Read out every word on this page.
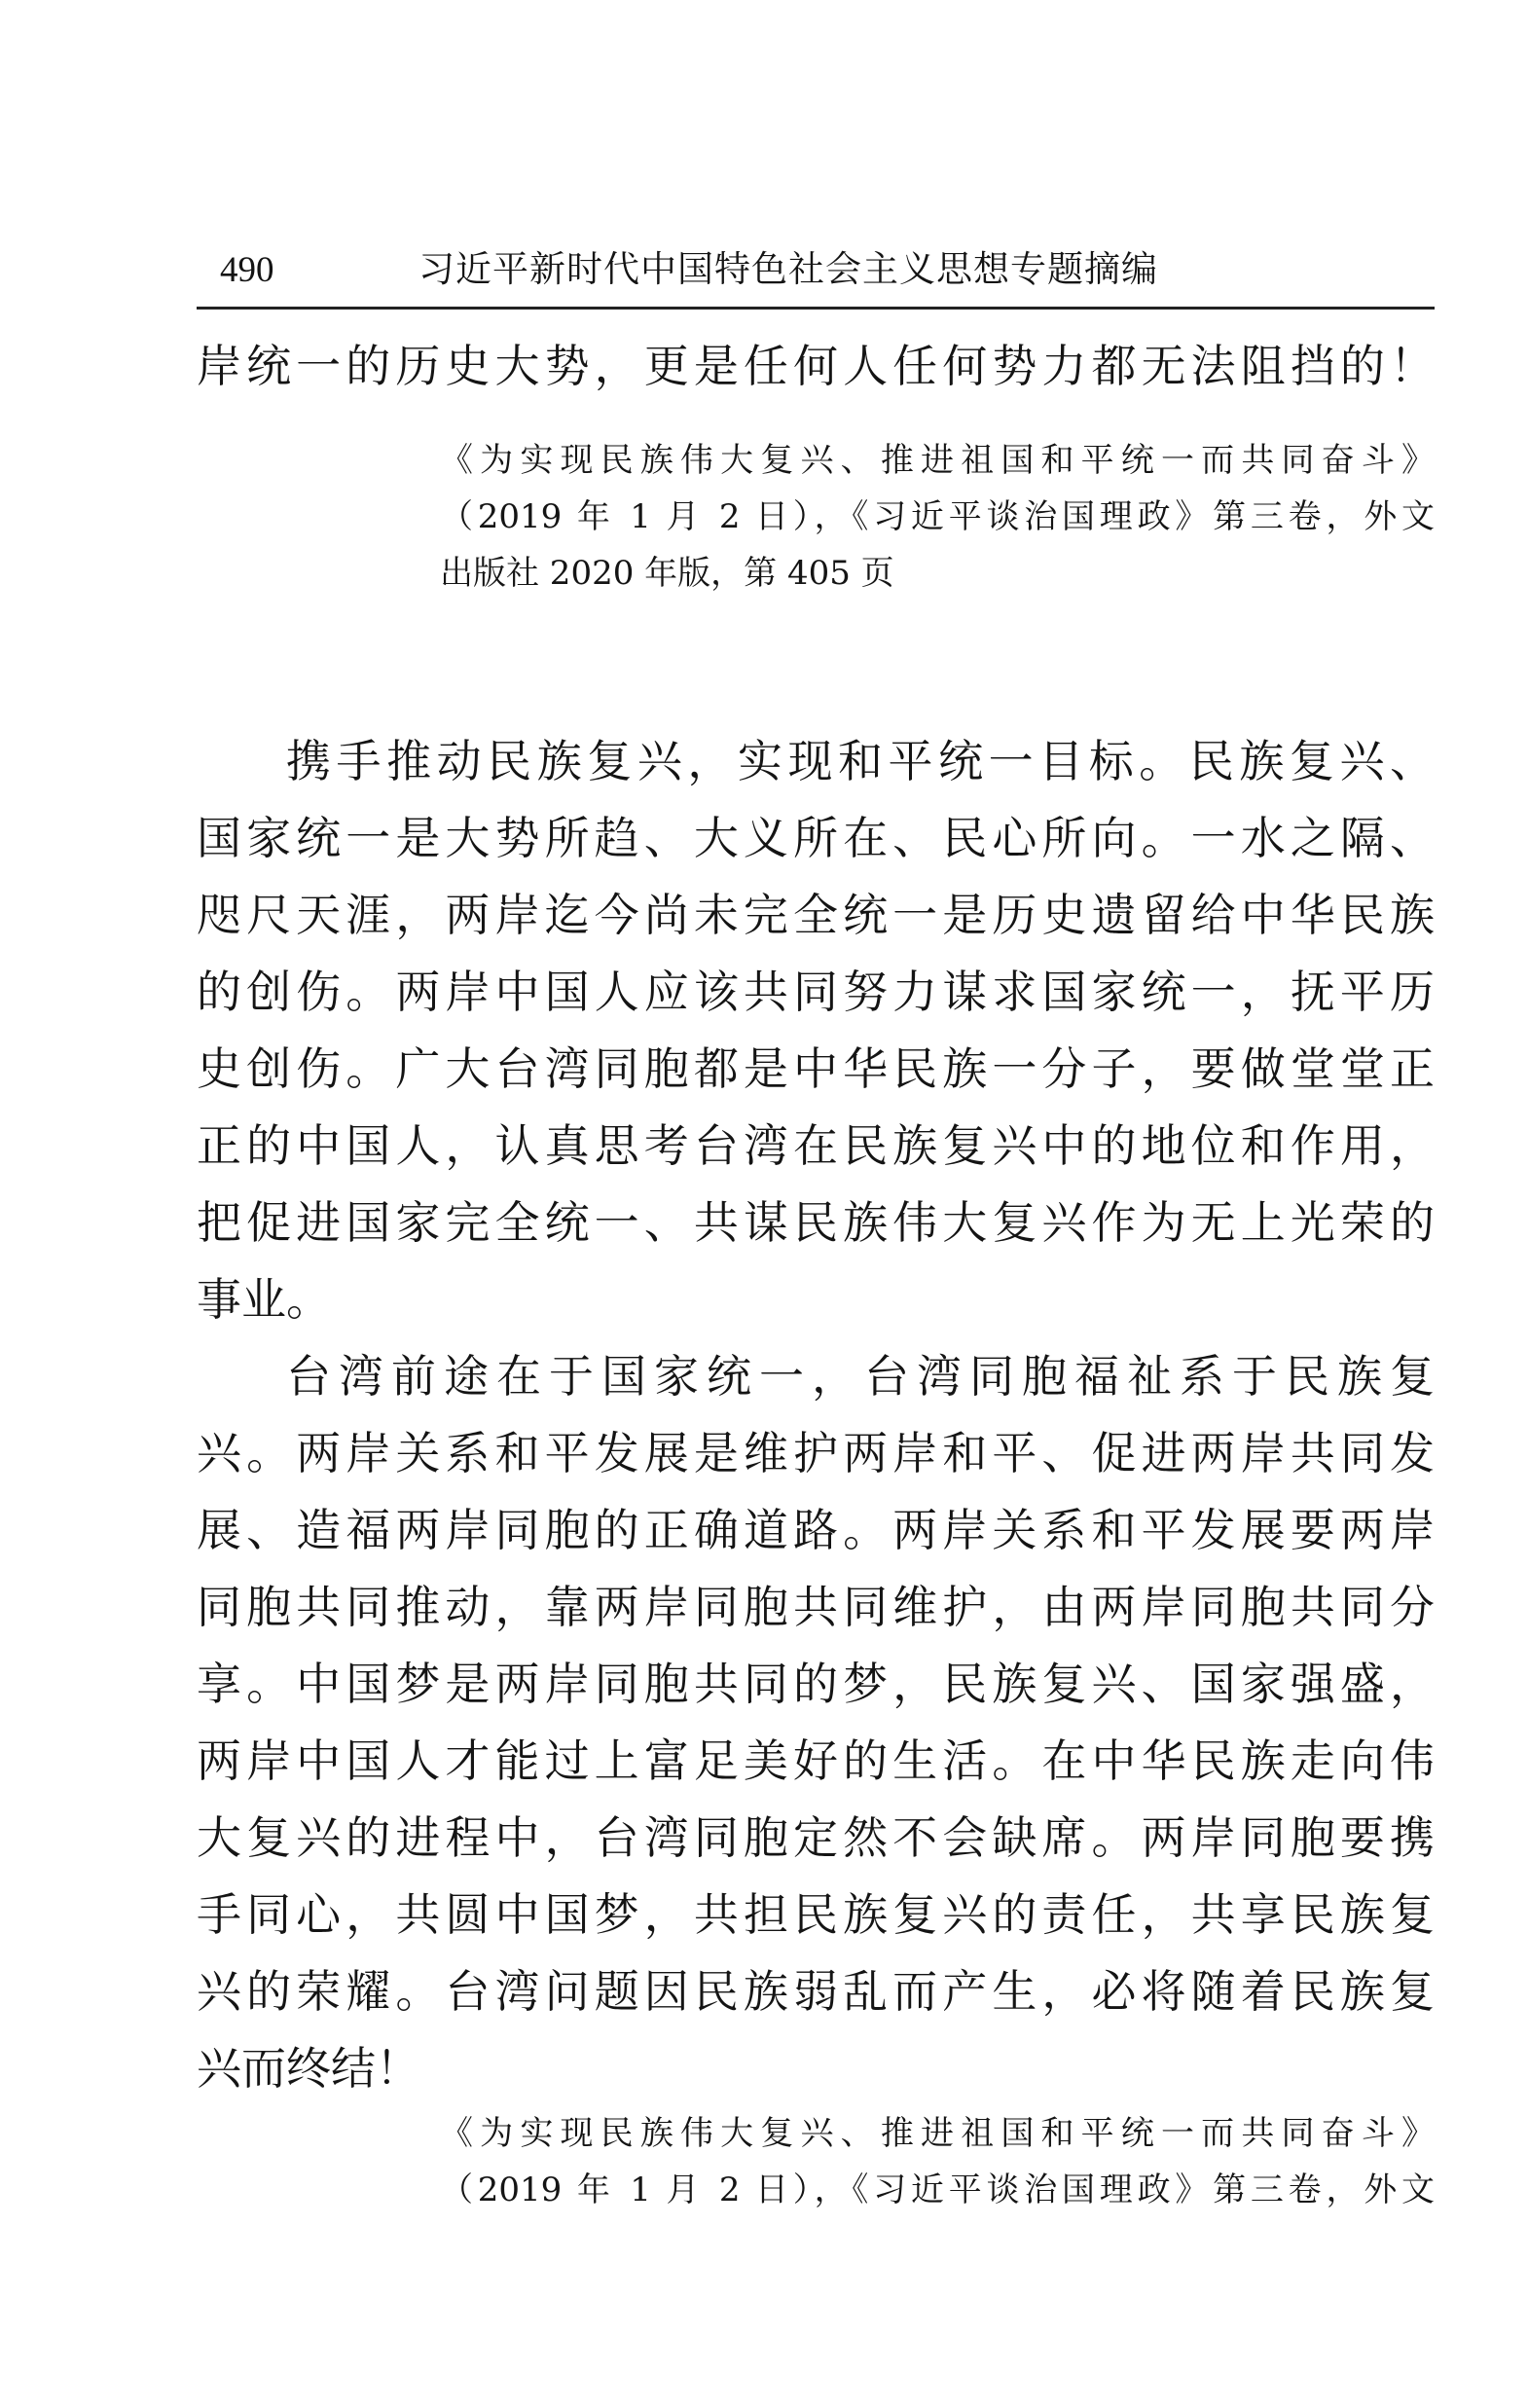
490	习近平新时代中国特色社会主义思想专题摘编

岸统一的历史大势，更是任何人任何势力都无法阻挡的！

《为实现民族伟大复兴、推进祖国和平统一而共同奋斗》

（2019 年 1 月 2 日），《习近平谈治国理政》第三卷，外文

出版社 2020 年版，第 405 页

携手推动民族复兴，实现和平统一目标。民族复兴、

国家统一是大势所趋、大义所在、民心所向。一水之隔、

咫尺天涯，两岸迄今尚未完全统一是历史遗留给中华民族

的创伤。两岸中国人应该共同努力谋求国家统一，抚平历

史创伤。广大台湾同胞都是中华民族一分子，要做堂堂正

正的中国人，认真思考台湾在民族复兴中的地位和作用，

把促进国家完全统一、共谋民族伟大复兴作为无上光荣的

事业。

台湾前途在于国家统一，台湾同胞福祉系于民族复

兴。两岸关系和平发展是维护两岸和平、促进两岸共同发

展、造福两岸同胞的正确道路。两岸关系和平发展要两岸

同胞共同推动，靠两岸同胞共同维护，由两岸同胞共同分

享。中国梦是两岸同胞共同的梦，民族复兴、国家强盛，

两岸中国人才能过上富足美好的生活。在中华民族走向伟

大复兴的进程中，台湾同胞定然不会缺席。两岸同胞要携

手同心，共圆中国梦，共担民族复兴的责任，共享民族复

兴的荣耀。台湾问题因民族弱乱而产生，必将随着民族复

兴而终结！

《为实现民族伟大复兴、推进祖国和平统一而共同奋斗》

（2019 年 1 月 2 日），《习近平谈治国理政》第三卷，外文
